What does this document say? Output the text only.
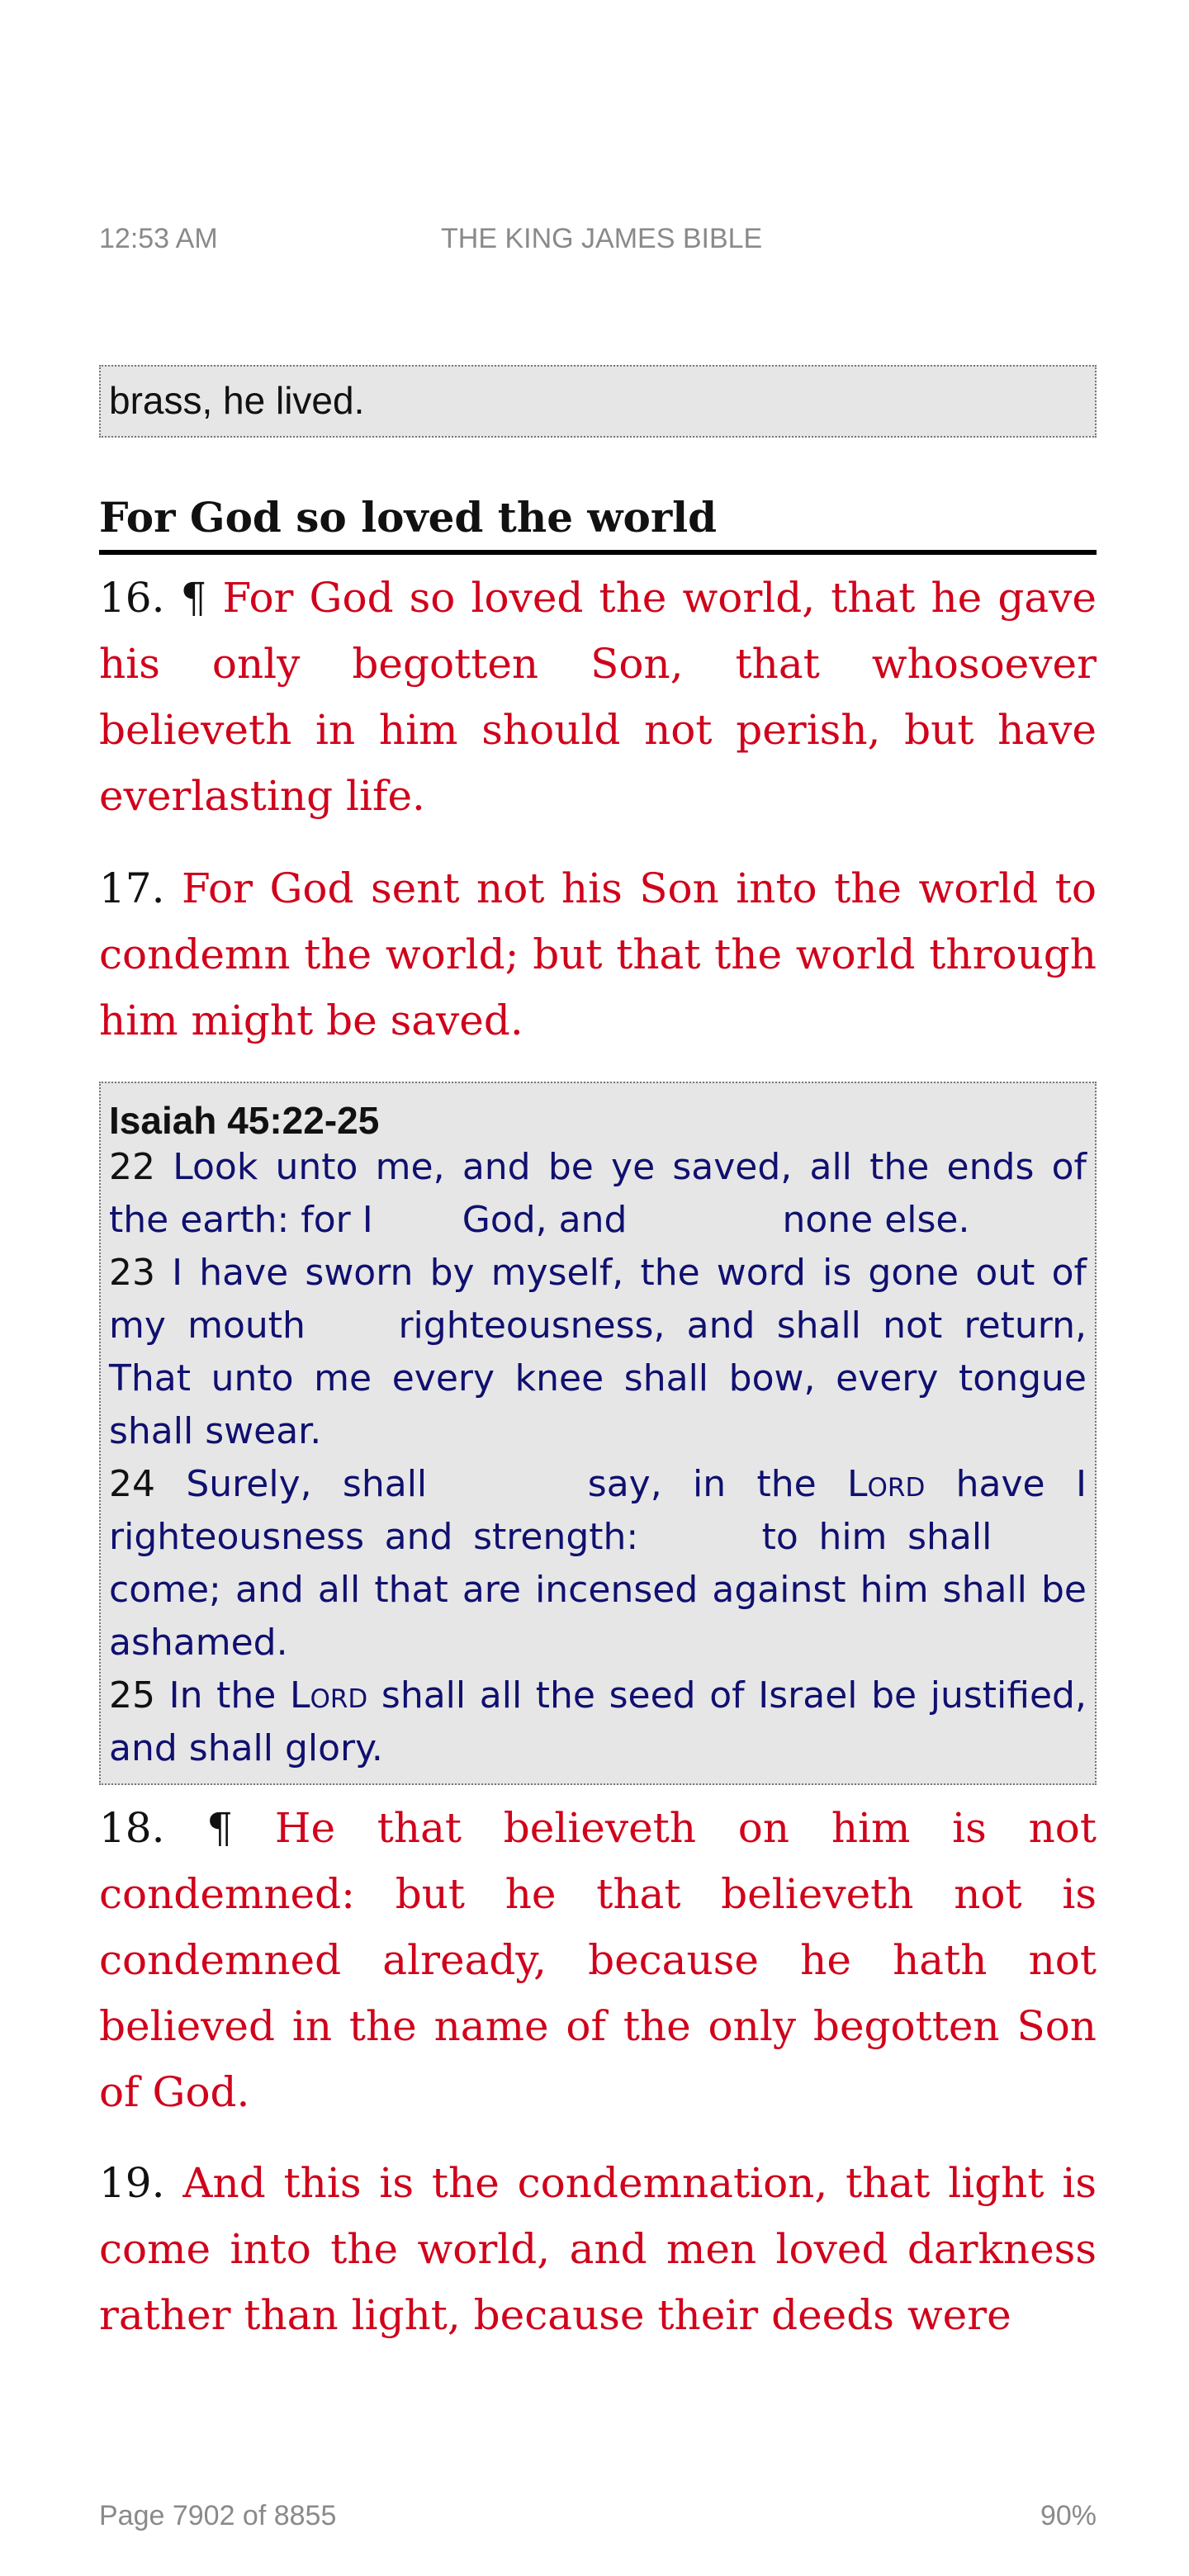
12:53 AM	THE KING JAMES BIBLE
brass, he lived.
For God so loved the world

16. ¶ For God so loved the world, that he gave his only begotten Son, that whosoever believeth in him should not perish, but have everlasting life.

17. For God sent not his Son into the world to condemn the world; but that the world through him might be saved.

Isaiah 45:22-25

22 Look unto me, and be ye saved, all the ends of the earth: for I God, and	none else.

23 I have sworn by myself, the word is gone out of my mouth	righteousness, and shall not return, That unto me every knee shall bow, every tongue shall swear.

24 Surely, shall	say, in the Lord have I righteousness and strength:	to him shall  come; and all that are incensed against him shall be ashamed.

25 In the Lord shall all the seed of Israel be justified, and shall glory.

18. ¶ He that believeth on him is not condemned: but he that believeth not is condemned already, because he hath not believed in the name of the only begotten Son of God.

19. And this is the condemnation, that light is come into the world, and men loved darkness rather than light, because their deeds were

Page 7902 of 8855	90%
